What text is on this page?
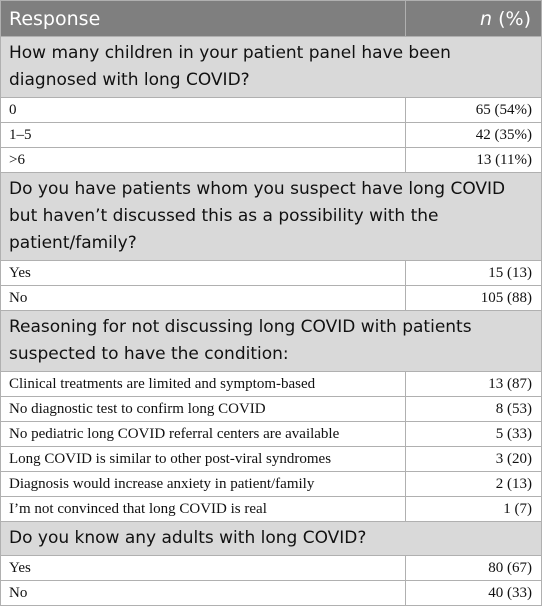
Response	n (%)
How many children in your patient panel have been diagnosed with long COVID?	
0	65 (54%)
1–5	42 (35%)
>6	13 (11%)
Do you have patients whom you suspect have long COVID but haven’t discussed this as a possibility with the patient/family?	
Yes	15 (13)
No	105 (88)
Reasoning for not discussing long COVID with patients suspected to have the condition:	
Clinical treatments are limited and symptom-based	13 (87)
No diagnostic test to confirm long COVID	8 (53)
No pediatric long COVID referral centers are available	5 (33)
Long COVID is similar to other post-viral syndromes	3 (20)
Diagnosis would increase anxiety in patient/family	2 (13)
I’m not convinced that long COVID is real	1 (7)
Do you know any adults with long COVID?	
Yes	80 (67)
No	40 (33)
